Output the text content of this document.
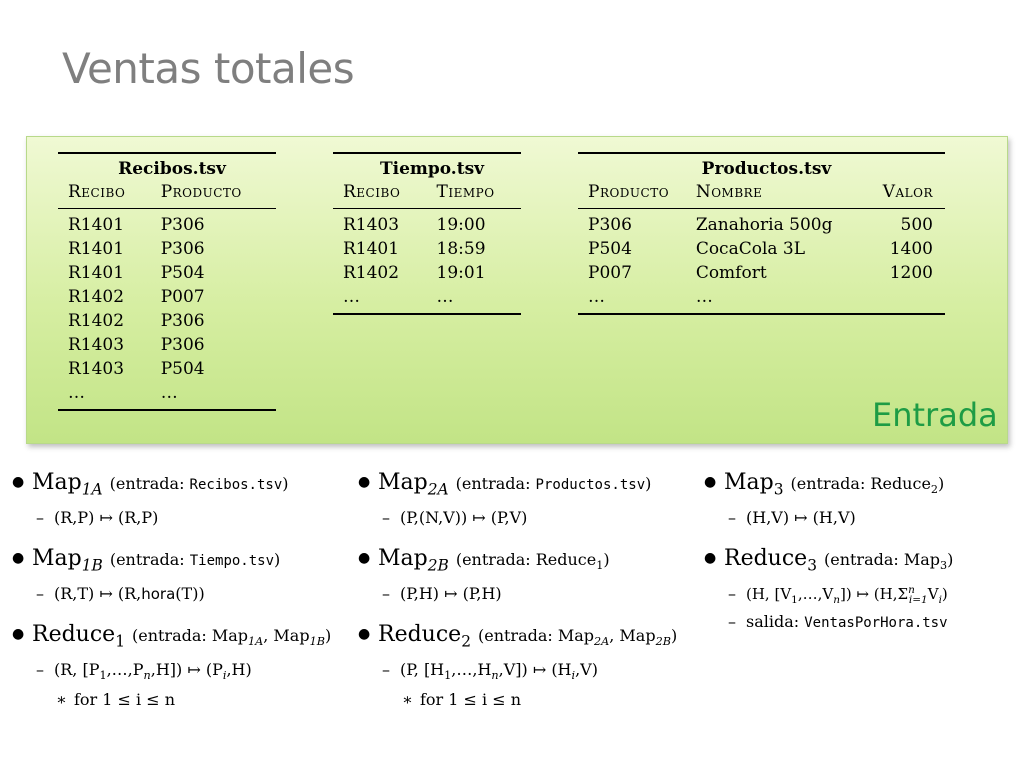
Ventas totales
Recibos.tsv	
Recibo	Producto
R1401	P306
R1401	P306
R1401	P504
R1402	P007
R1402	P306
R1403	P306
R1403	P504
…	…
Tiempo.tsv	
Recibo	Tiempo
R1403	19:00
R1401	18:59
R1402	19:01
…	…
Productos.tsv		
Producto	Nombre	Valor
P306	Zanahoria 500g	500
P504	CocaCola 3L	1400
P007	Comfort	1200
…	…	
Entrada
● Map$_{1A}$ (entrada: Recibos.tsv)
– (R,P) ↦ (R,P)
● Map$_{1B}$ (entrada: Tiempo.tsv)
– (R,T) ↦ (R,hora(T))
● Reduce$_1$ (entrada: Map$_{1A}$, Map$_{1B}$)
– (R, $[P_1,\dots,P_n,H]$) ↦ $(P_i,H)$
∗ for 1 ≤ i ≤ n
● Map$_{2A}$ (entrada: Productos.tsv)
– (P,(N,V)) ↦ (P,V)
● Map$_{2B}$ (entrada: Reduce$_1$)
– (P,H) ↦ (P,H)
● Reduce$_2$ (entrada: Map$_{2A}$, Map$_{2B}$)
– (P, $[H_1,\dots,H_n,V]$) ↦ $(H_i,V)$
∗ for 1 ≤ i ≤ n
● Map$_3$ (entrada: Reduce$_2$)
– (H,V) ↦ (H,V)
● Reduce$_3$ (entrada: Map$_3$)
– (H, $[V_1,\dots,V_n]$) ↦ $(H,\Sigma^n_{i=1}V_i)$
– salida: VentasPorHora.tsv
